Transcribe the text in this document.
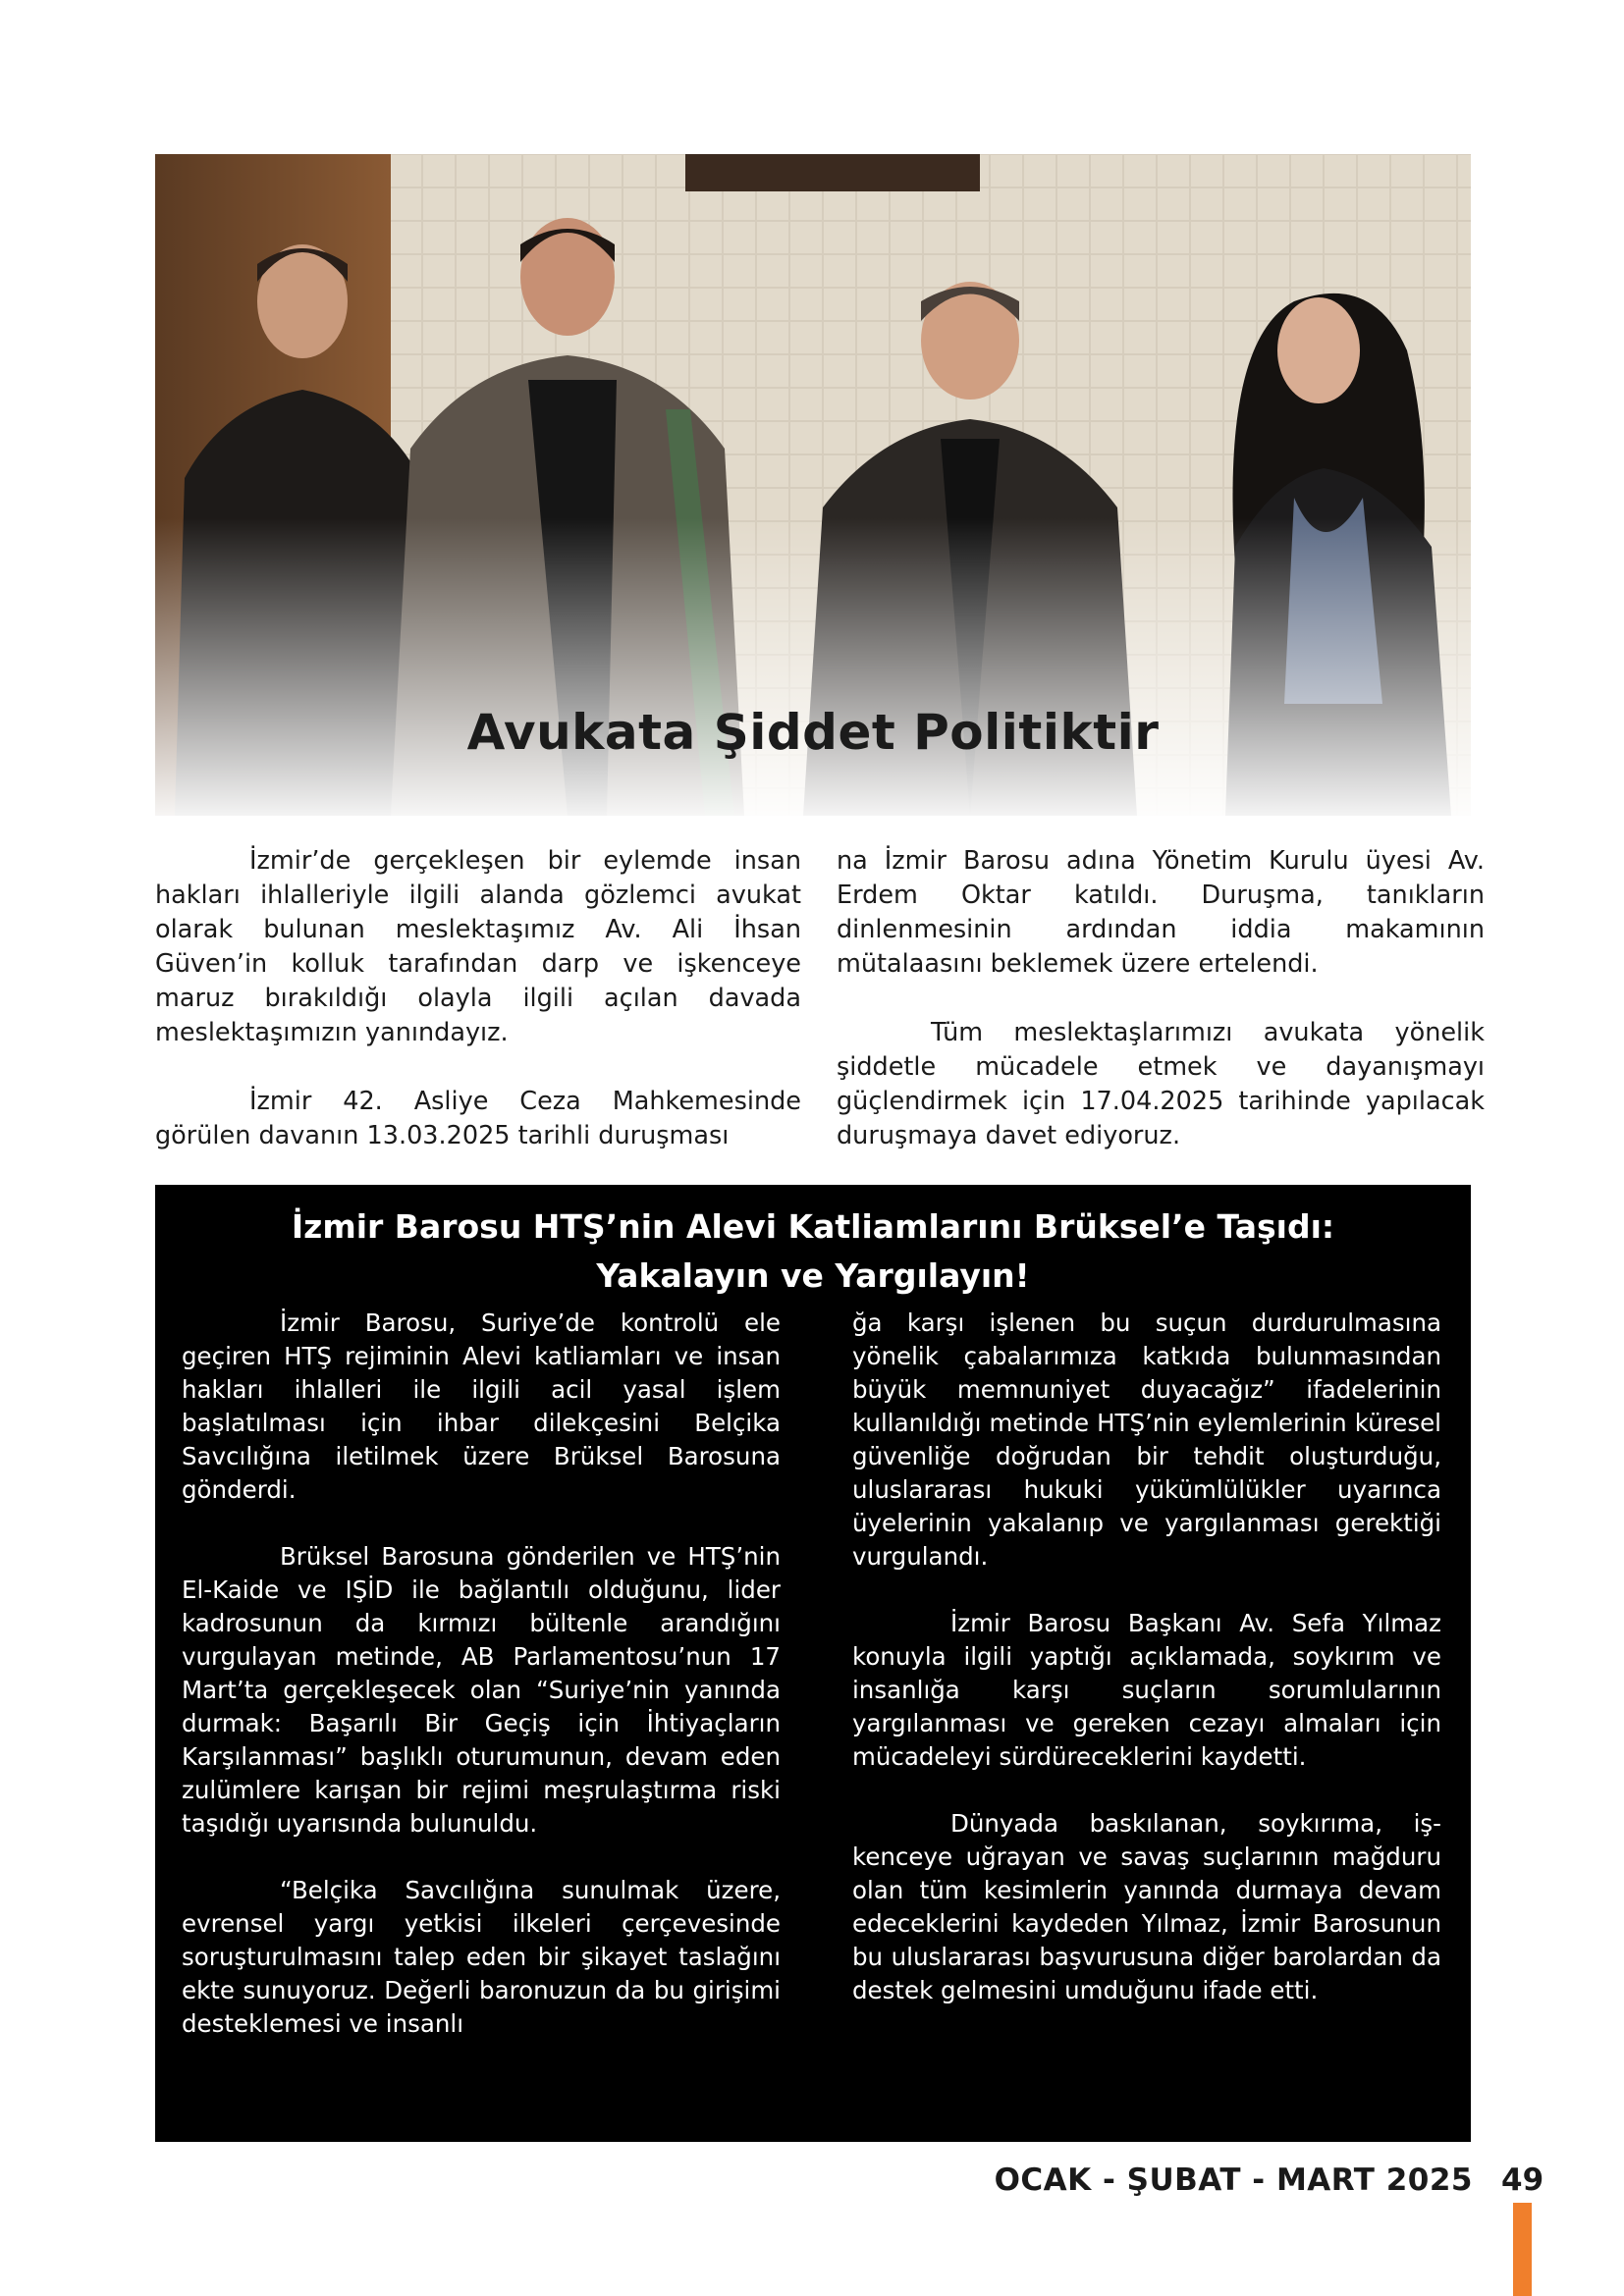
Avukata Şiddet Politiktir

İzmir’de gerçekleşen bir eylemde insan hakları ihlalleriyle ilgili alanda gözlemci avukat olarak bulunan meslektaşımız Av. Ali İhsan Güven’in kolluk tarafından darp ve işkenceye maruz bırakıldığı olayla ilgili açılan davada meslektaşımızın yanındayız.

İzmir 42. Asliye Ceza Mahkemesinde görülen davanın 13.03.2025 tarihli duruşması

na İzmir Barosu adına Yönetim Kurulu üyesi Av. Erdem Oktar katıldı. Duruşma, tanıkların dinlenmesinin ardından iddia makamının mütalaasını beklemek üzere ertelendi.

Tüm meslektaşlarımızı avukata yönelik şiddetle mücadele etmek ve dayanışmayı güçlendirmek için 17.04.2025 tarihinde yapılacak duruşmaya davet ediyoruz.

İzmir Barosu HTŞ’nin Alevi Katliamlarını Brüksel’e Taşıdı:
Yakalayın ve Yargılayın!

İzmir Barosu, Suriye’de kontrolü ele geçiren HTŞ rejiminin Alevi katliamları ve insan hakları ihlalleri ile ilgili acil yasal işlem başlatılması için ihbar dilekçesini Belçika Savcılığına iletilmek üzere Brüksel Barosuna gönderdi.

Brüksel Barosuna gönderilen ve HTŞ’nin El-Kaide ve IŞİD ile bağlantılı olduğunu, lider kadrosunun da kırmızı bültenle arandığını vurgulayan metinde, AB Parlamentosu’nun 17 Mart’ta gerçekleşecek olan “Suriye’nin yanında durmak: Başarılı Bir Geçiş için İhtiyaçların Karşılanması” başlıklı oturumunun, devam eden zulümlere karışan bir rejimi meşrulaştırma riski taşıdığı uyarısında bulunuldu.

“Belçika Savcılığına sunulmak üzere, evrensel yargı yetkisi ilkeleri çerçevesinde soruşturulmasını talep eden bir şikayet taslağını ekte sunuyoruz. Değerli baronuzun da bu girişimi desteklemesi ve insanlı

ğa karşı işlenen bu suçun durdurulmasına yönelik çabalarımıza katkıda bulunmasından büyük memnuniyet duyacağız” ifadelerinin kullanıldığı metinde HTŞ’nin eylemlerinin küresel güvenliğe doğrudan bir tehdit oluşturduğu, uluslararası hukuki yükümlülükler uyarınca üyelerinin yakalanıp ve yargılanması gerektiği vurgulandı.

İzmir Barosu Başkanı Av. Sefa Yılmaz konuyla ilgili yaptığı açıklamada, soykırım ve insanlığa karşı suçların sorumlularının yargılanması ve gereken cezayı almaları için mücadeleyi sürdüreceklerini kaydetti.

Dünyada baskılanan, soykırıma, işkenceye uğrayan ve savaş suçlarının mağduru olan tüm kesimlerin yanında durmaya devam edeceklerini kaydeden Yılmaz, İzmir Barosunun bu uluslararası başvurusuna diğer barolardan da destek gelmesini umduğunu ifade etti.

OCAK - ŞUBAT - MART 2025 49
